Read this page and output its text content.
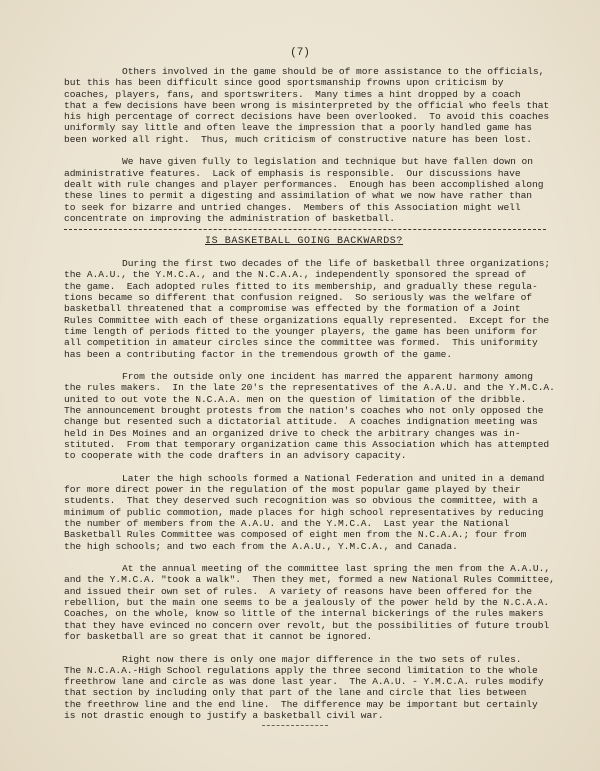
(7)
Others involved in the game should be of more assistance to the officials,
but this has been difficult since good sportsmanship frowns upon criticism by
coaches, players, fans, and sportswriters.  Many times a hint dropped by a coach
that a few decisions have been wrong is misinterpreted by the official who feels that
his high percentage of correct decisions have been overlooked.  To avoid this coaches
uniformly say little and often leave the impression that a poorly handled game has
been worked all right.  Thus, much criticism of constructive nature has been lost.
We have given fully to legislation and technique but have fallen down on
administrative features.  Lack of emphasis is responsible.  Our discussions have
dealt with rule changes and player performances.  Enough has been accomplished along
these lines to permit a digesting and assimilation of what we now have rather than
to seek for bizarre and untried changes.  Members of this Association might well
concentrate on improving the administration of basketball.
IS BASKETBALL GOING BACKWARDS?
During the first two decades of the life of basketball three organizations;
the A.A.U., the Y.M.C.A., and the N.C.A.A., independently sponsored the spread of
the game.  Each adopted rules fitted to its membership, and gradually these regula-
tions became so different that confusion reigned.  So seriously was the welfare of
basketball threatened that a compromise was effected by the formation of a Joint
Rules Committee with each of these organizations equally represented.  Except for the
time length of periods fitted to the younger players, the game has been uniform for
all competition in amateur circles since the committee was formed.  This uniformity
has been a contributing factor in the tremendous growth of the game.
From the outside only one incident has marred the apparent harmony among
the rules makers.  In the late 20's the representatives of the A.A.U. and the Y.M.C.A.
united to out vote the N.C.A.A. men on the question of limitation of the dribble.
The announcement brought protests from the nation's coaches who not only opposed the
change but resented such a dictatorial attitude.  A coaches indignation meeting was
held in Des Moines and an organized drive to check the arbitrary changes was in-
stituted.  From that temporary organization came this Association which has attempted
to cooperate with the code drafters in an advisory capacity.
Later the high schools formed a National Federation and united in a demand
for more direct power in the regulation of the most popular game played by their
students.  That they deserved such recognition was so obvious the committee, with a
minimum of public commotion, made places for high school representatives by reducing
the number of members from the A.A.U. and the Y.M.C.A.  Last year the National
Basketball Rules Committee was composed of eight men from the N.C.A.A.; four from
the high schools; and two each from the A.A.U., Y.M.C.A., and Canada.
At the annual meeting of the committee last spring the men from the A.A.U.,
and the Y.M.C.A. "took a walk".  Then they met, formed a new National Rules Committee,
and issued their own set of rules.  A variety of reasons have been offered for the
rebellion, but the main one seems to be a jealously of the power held by the N.C.A.A.
Coaches, on the whole, know so little of the internal bickerings of the rules makers
that they have evinced no concern over revolt, but the possibilities of future troubl
for basketball are so great that it cannot be ignored.
Right now there is only one major difference in the two sets of rules.
The N.C.A.A.-High School regulations apply the three second limitation to the whole
freethrow lane and circle as was done last year.  The A.A.U. - Y.M.C.A. rules modify
that section by including only that part of the lane and circle that lies between
the freethrow line and the end line.  The difference may be important but certainly
is not drastic enough to justify a basketball civil war.
